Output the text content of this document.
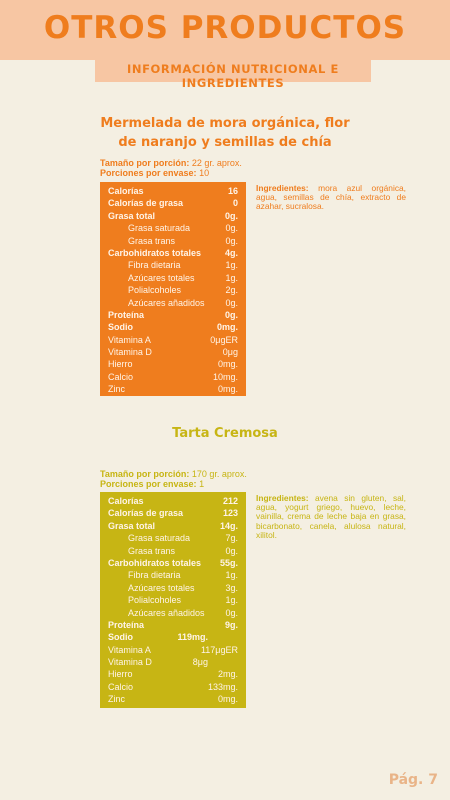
OTROS PRODUCTOS
INFORMACIÓN NUTRICIONAL E INGREDIENTES
Mermelada de mora orgánica, flor
de naranjo y semillas de chía
Tamaño por porción: 22 gr. aprox.
Porciones por envase: 10
Calorías	16
Calorías de grasa	0
Grasa total	0g.
Grasa saturada	0g.
Grasa trans	0g.
Carbohidratos totales	4g.
Fibra dietaria	1g.
Azúcares totales	1g.
Polialcoholes	2g.
Azúcares añadidos 0g.
Proteína	0g.
Sodio	0mg.
Vitamina A	0μgER
Vitamina D	0μg
Hierro	0mg.
Calcio	10mg.
Zinc	0mg.
Ingredientes: mora azul orgánica, agua, semillas de chía, extracto de azahar, sucralosa.
Tarta Cremosa
Tamaño por porción: 170 gr. aprox.
Porciones por envase: 1
Calorías	212
Calorías de grasa	123
Grasa total	14g.
Grasa saturada	7g.
Grasa trans	0g.
Carbohidratos totales 55g.
Fibra dietaria	1g.
Azúcares totales	3g.
Polialcoholes	1g.
Azúcares añadidos 0g.
Proteína	9g.
Sodio	119mg.
Vitamina A	117μgER
Vitamina D	8μg
Hierro	2mg.
Calcio	133mg.
Zinc	0mg.
Ingredientes: avena sin gluten, sal, agua, yogurt griego, huevo, leche, vainilla, crema de leche baja en grasa, bicarbonato, canela, alulosa natural, xilitol.
Pág. 7
